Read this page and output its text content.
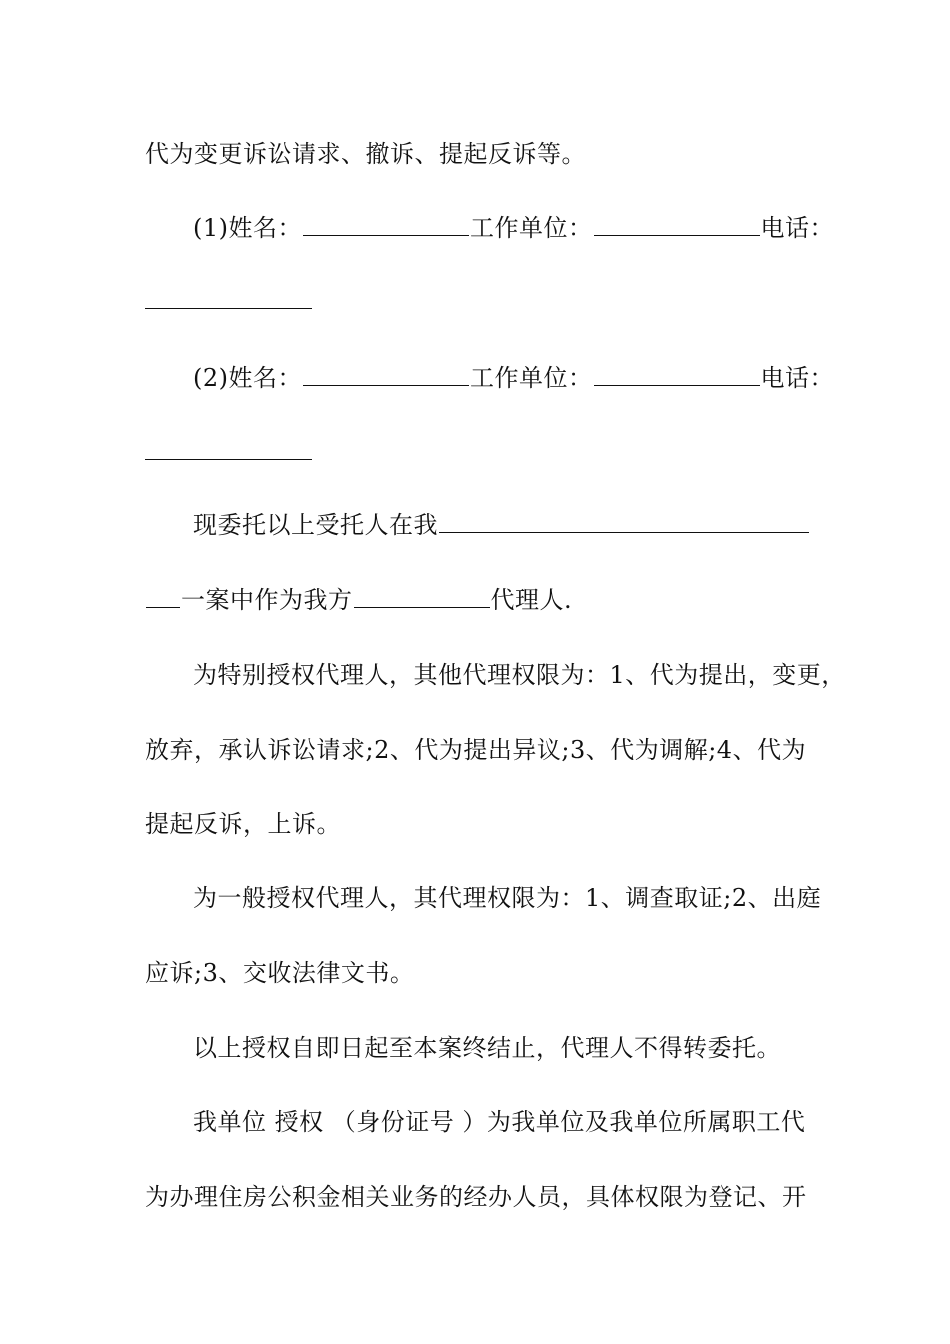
代为变更诉讼请求、撤诉、提起反诉等。
(1)姓名：	工作单位：	电话：
(2)姓名：	工作单位：	电话：
现委托以上受托人在我
一案中作为我方	代理人.
为特别授权代理人，其他代理权限为：1、代为提出，变更，
放弃，承认诉讼请求;2、代为提出异议;3、代为调解;4、代为
提起反诉，上诉。
为一般授权代理人，其代理权限为：1、调查取证;2、出庭
应诉;3、交收法律文书。
以上授权自即日起至本案终结止，代理人不得转委托。
我单位 授权 （身份证号 ）为我单位及我单位所属职工代
为办理住房公积金相关业务的经办人员，具体权限为登记、开
